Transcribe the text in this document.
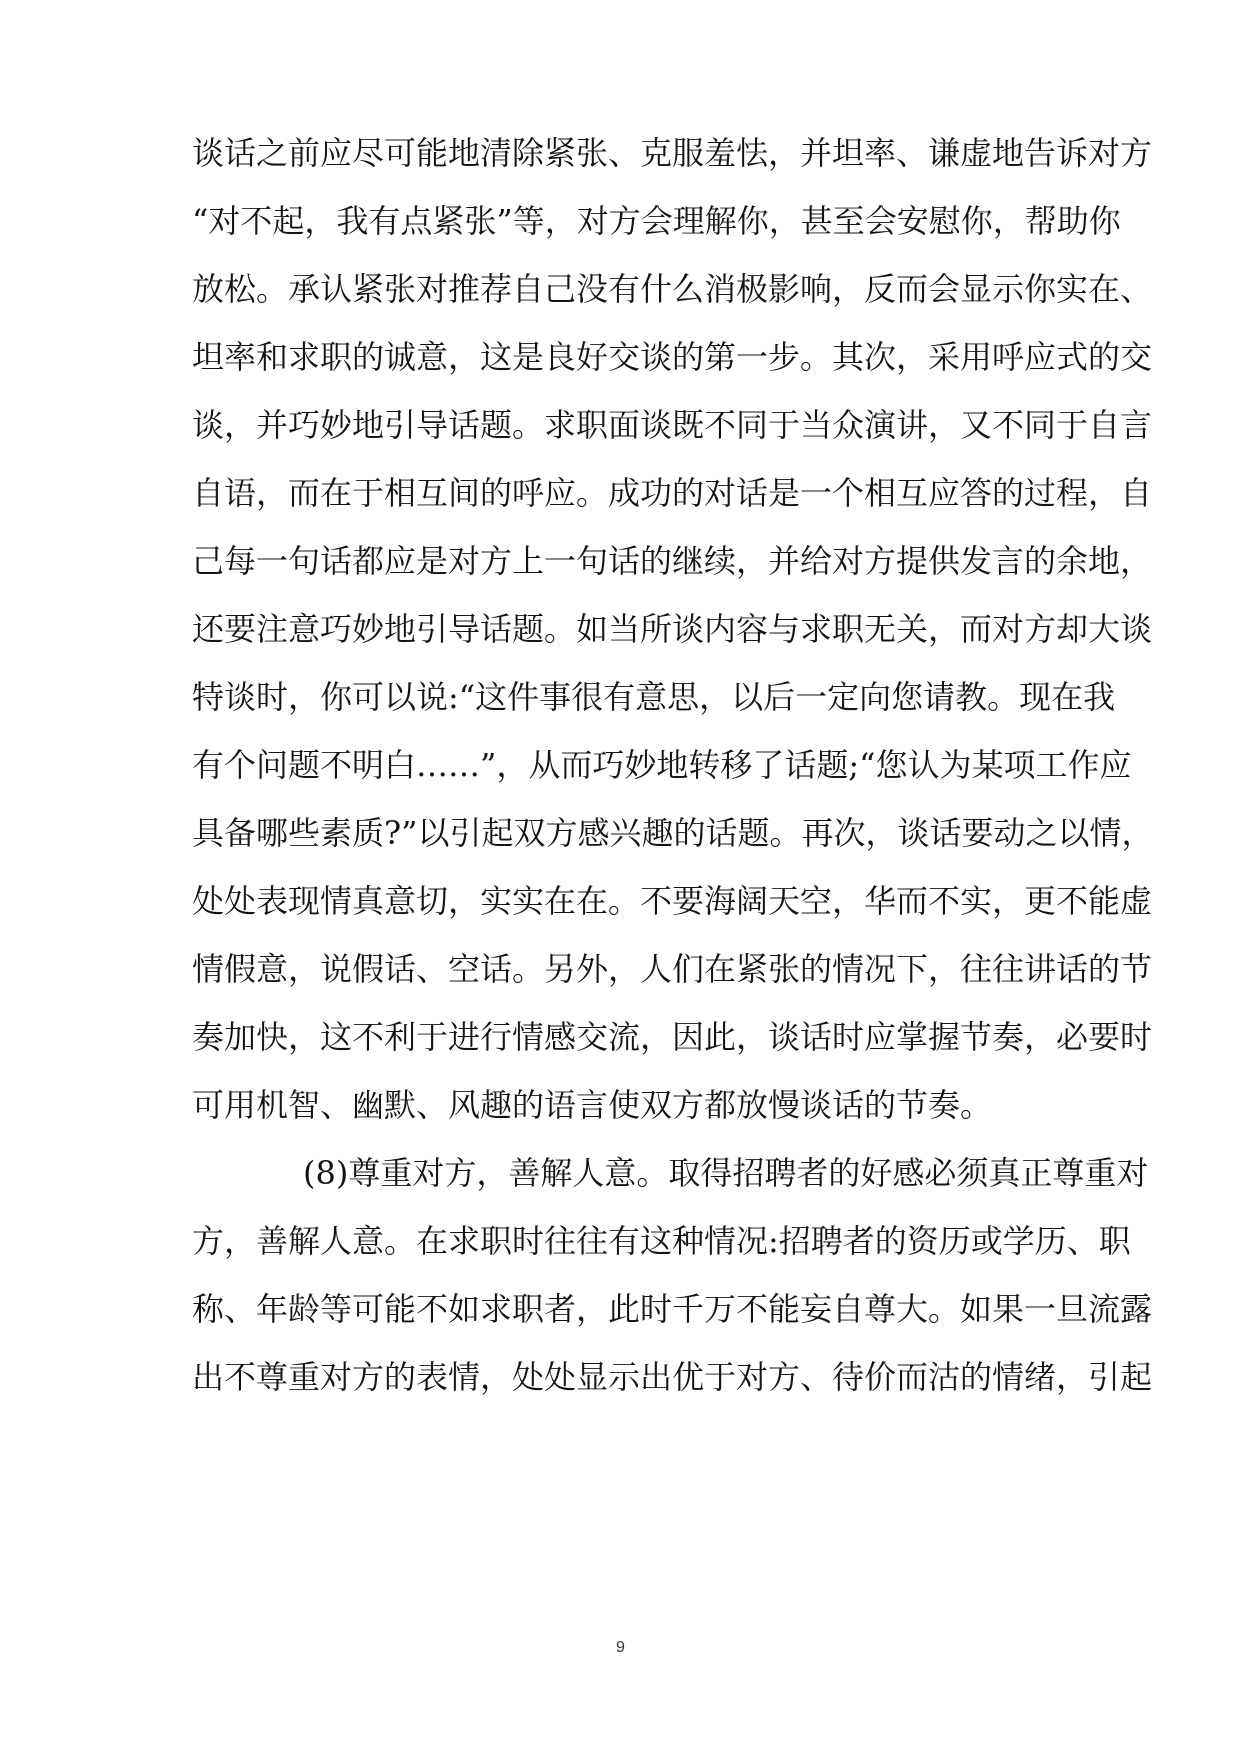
谈话之前应尽可能地清除紧张、克服羞怯，并坦率、谦虚地告诉对方
“对不起，我有点紧张”等，对方会理解你，甚至会安慰你，帮助你
放松。承认紧张对推荐自己没有什么消极影响，反而会显示你实在、
坦率和求职的诚意，这是良好交谈的第一步。其次，采用呼应式的交
谈，并巧妙地引导话题。求职面谈既不同于当众演讲，又不同于自言
自语，而在于相互间的呼应。成功的对话是一个相互应答的过程，自
己每一句话都应是对方上一句话的继续，并给对方提供发言的余地，
还要注意巧妙地引导话题。如当所谈内容与求职无关，而对方却大谈
特谈时，你可以说:“这件事很有意思，以后一定向您请教。现在我
有个问题不明白……”，从而巧妙地转移了话题;“您认为某项工作应
具备哪些素质?”以引起双方感兴趣的话题。再次，谈话要动之以情，
处处表现情真意切，实实在在。不要海阔天空，华而不实，更不能虚
情假意，说假话、空话。另外，人们在紧张的情况下，往往讲话的节
奏加快，这不利于进行情感交流，因此，谈话时应掌握节奏，必要时
可用机智、幽默、风趣的语言使双方都放慢谈话的节奏。
(8)尊重对方，善解人意。取得招聘者的好感必须真正尊重对
方，善解人意。在求职时往往有这种情况:招聘者的资历或学历、职
称、年龄等可能不如求职者，此时千万不能妄自尊大。如果一旦流露
出不尊重对方的表情，处处显示出优于对方、待价而沽的情绪，引起
9
